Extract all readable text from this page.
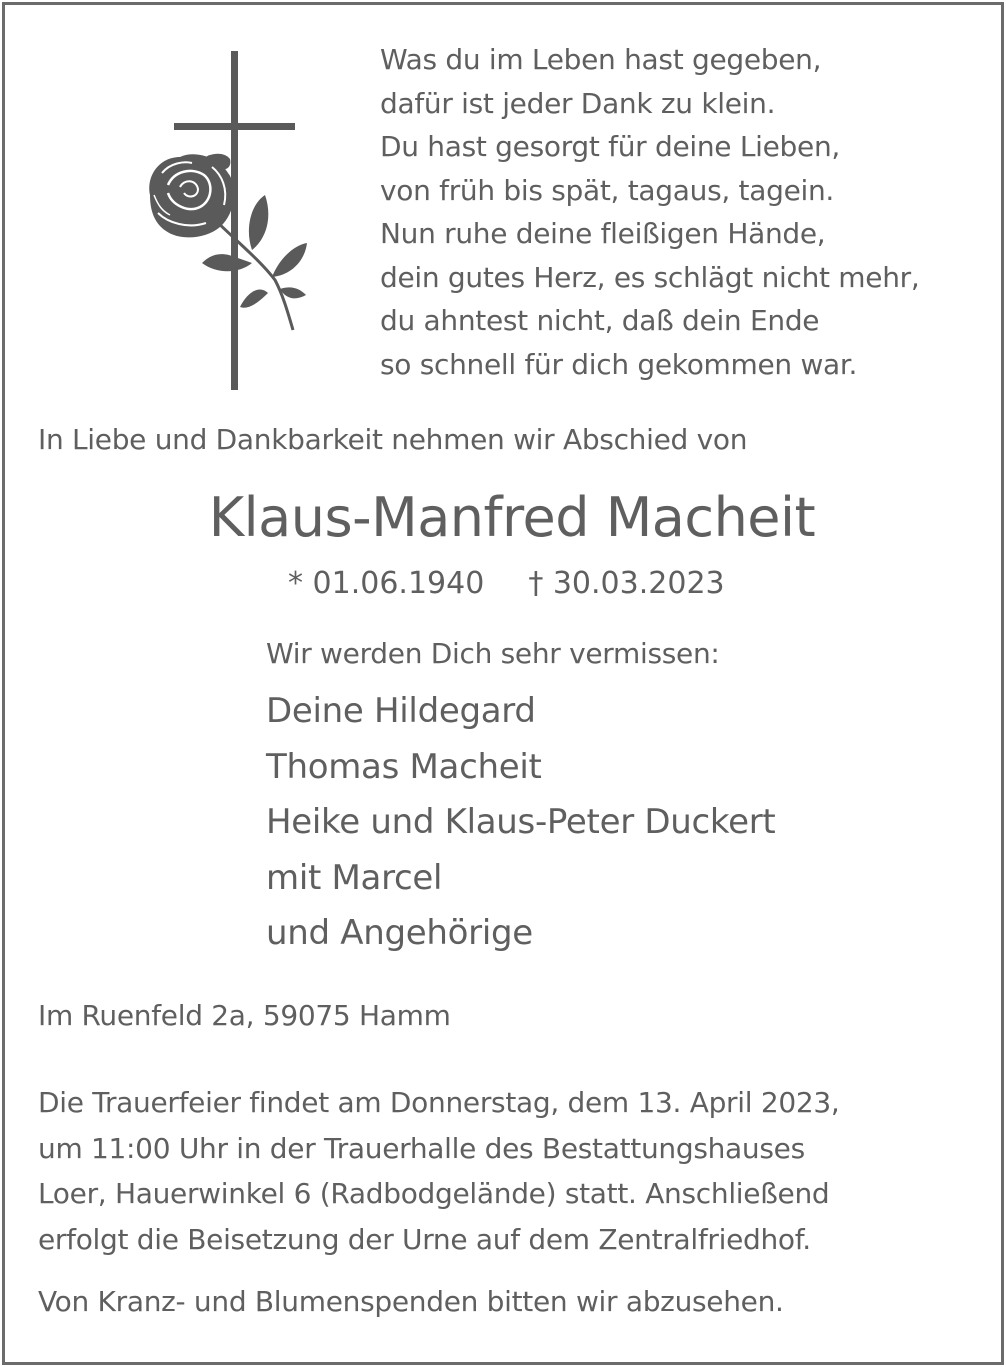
Was du im Leben hast gegeben,
dafür ist jeder Dank zu klein.
Du hast gesorgt für deine Lieben,
von früh bis spät, tagaus, tagein.
Nun ruhe deine fleißigen Hände,
dein gutes Herz, es schlägt nicht mehr,
du ahntest nicht, daß dein Ende
so schnell für dich gekommen war.
In Liebe und Dankbarkeit nehmen wir Abschied von
Klaus-Manfred Macheit
* 01.06.1940 † 30.03.2023
Wir werden Dich sehr vermissen:
Deine Hildegard
Thomas Macheit
Heike und Klaus-Peter Duckert
mit Marcel
und Angehörige
Im Ruenfeld 2a, 59075 Hamm
Die Trauerfeier findet am Donnerstag, dem 13. April 2023,
um 11:00 Uhr in der Trauerhalle des Bestattungshauses
Loer, Hauerwinkel 6 (Radbodgelände) statt. Anschließend
erfolgt die Beisetzung der Urne auf dem Zentralfriedhof.
Von Kranz- und Blumenspenden bitten wir abzusehen.
